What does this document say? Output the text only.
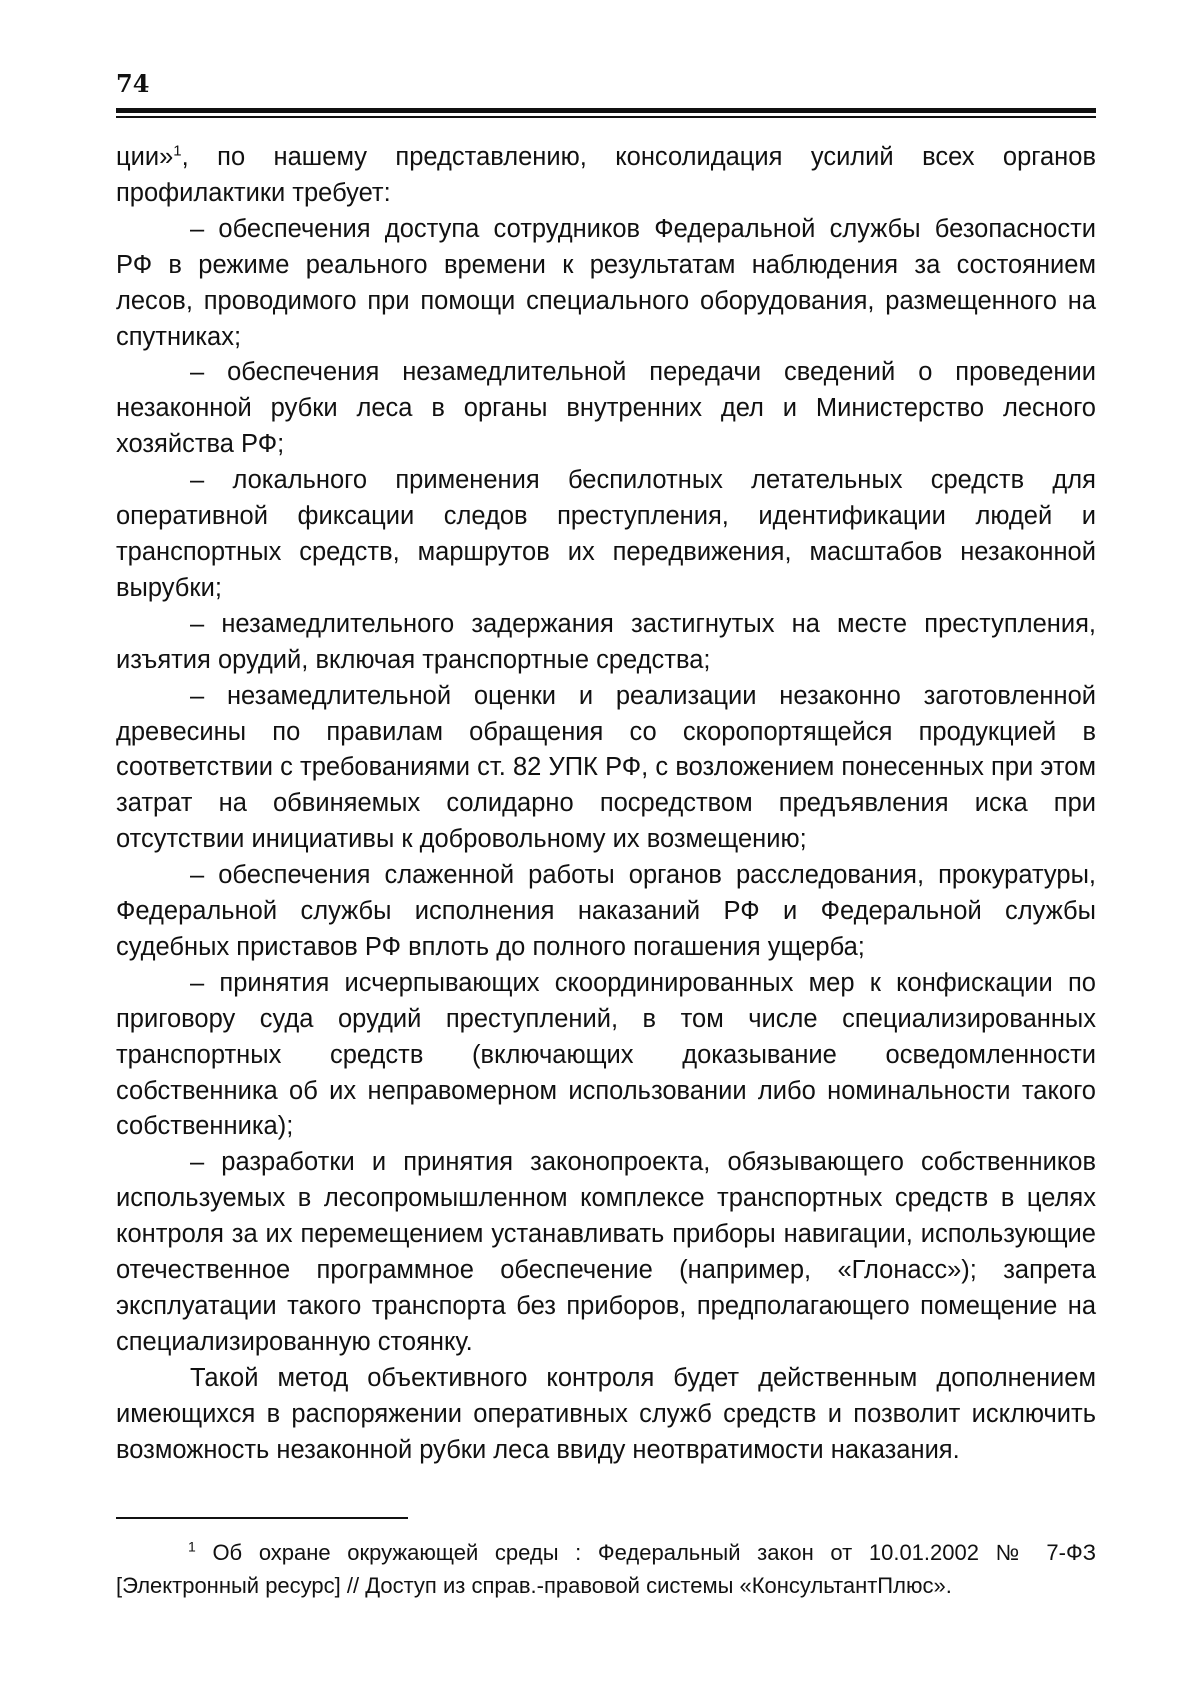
74

ции»$^1$, по нашему представлению, консолидация усилий всех органов профилактики требует:

– обеспечения доступа сотрудников Федеральной службы безопасности РФ в режиме реального времени к результатам наблюдения за состоянием лесов, проводимого при помощи специального оборудования, размещенного на спутниках;

– обеспечения незамедлительной передачи сведений о проведении незаконной рубки леса в органы внутренних дел и Министерство лесного хозяйства РФ;

– локального применения беспилотных летательных средств для оперативной фиксации следов преступления, идентификации людей и транспортных средств, маршрутов их передвижения, масштабов незаконной вырубки;

– незамедлительного задержания застигнутых на месте преступления, изъятия орудий, включая транспортные средства;

– незамедлительной оценки и реализации незаконно заготовленной древесины по правилам обращения со скоропортящейся продукцией в соответствии с требованиями ст. 82 УПК РФ, с возложением понесенных при этом затрат на обвиняемых солидарно посредством предъявления иска при отсутствии инициативы к добровольному их возмещению;

– обеспечения слаженной работы органов расследования, прокуратуры, Федеральной службы исполнения наказаний РФ и Федеральной службы судебных приставов РФ вплоть до полного погашения ущерба;

– принятия исчерпывающих скоординированных мер к конфискации по приговору суда орудий преступлений, в том числе специализированных транспортных средств (включающих доказывание осведомленности собственника об их неправомерном использовании либо номинальности такого собственника);

– разработки и принятия законопроекта, обязывающего собственников используемых в лесопромышленном комплексе транспортных средств в целях контроля за их перемещением устанавливать приборы навигации, использующие отечественное программное обеспечение (например, «Глонасс»); запрета эксплуатации такого транспорта без приборов, предполагающего помещение на специализированную стоянку.

Такой метод объективного контроля будет действенным дополнением имеющихся в распоряжении оперативных служб средств и позволит исключить возможность незаконной рубки леса ввиду неотвратимости наказания.

$^1$ Об охране окружающей среды : Федеральный закон от 10.01.2002 № 7-ФЗ [Электронный ресурс] // Доступ из справ.-правовой системы «КонсультантПлюс».
